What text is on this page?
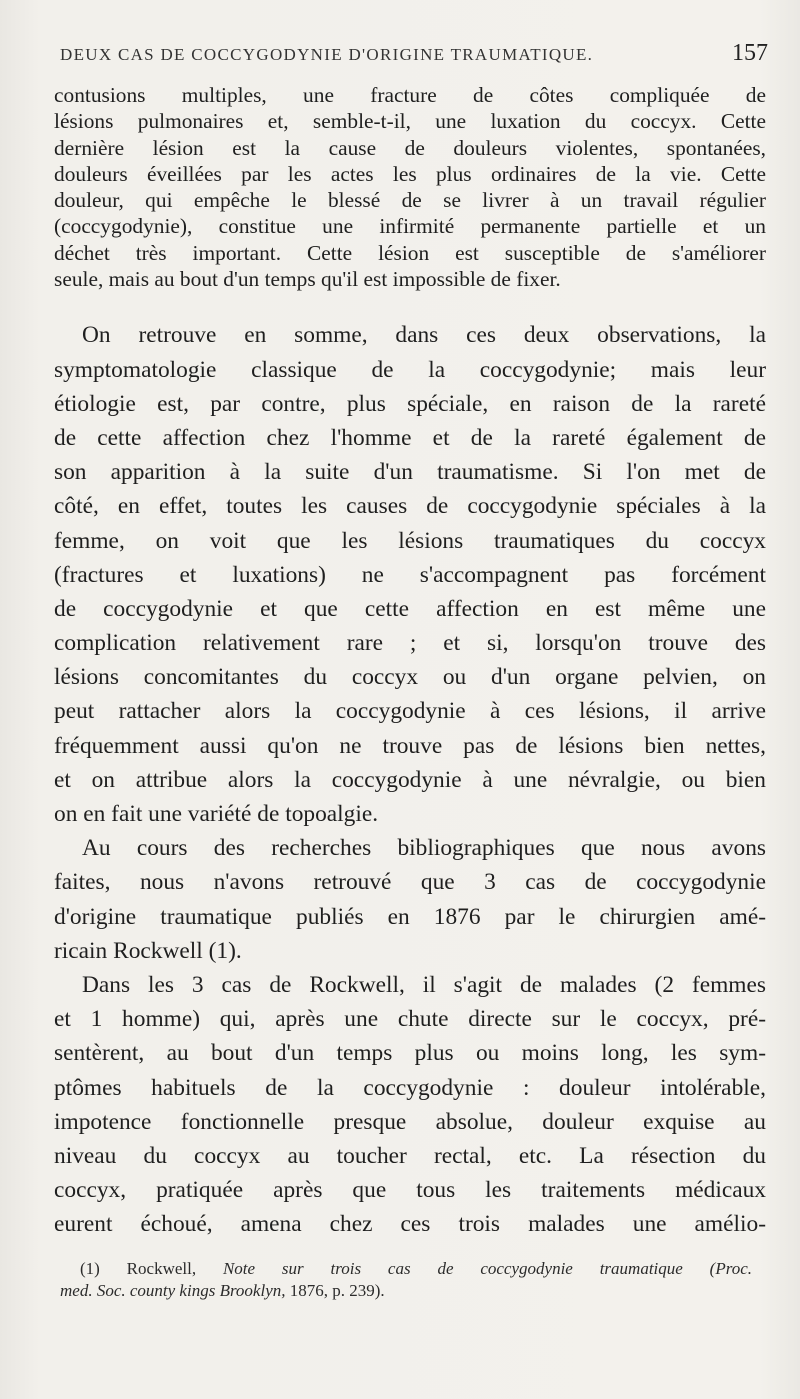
DEUX CAS DE COCCYGODYNIE D'ORIGINE TRAUMATIQUE.	157
contusions multiples, une fracture de côtes compliquée de
lésions pulmonaires et, semble-t-il, une luxation du coccyx. Cette
dernière lésion est la cause de douleurs violentes, spontanées,
douleurs éveillées par les actes les plus ordinaires de la vie. Cette
douleur, qui empêche le blessé de se livrer à un travail régulier
(coccygodynie), constitue une infirmité permanente partielle et un
déchet très important. Cette lésion est susceptible de s'améliorer
seule, mais au bout d'un temps qu'il est impossible de fixer.
On retrouve en somme, dans ces deux observations, la
symptomatologie classique de la coccygodynie; mais leur
étiologie est, par contre, plus spéciale, en raison de la rareté
de cette affection chez l'homme et de la rareté également de
son apparition à la suite d'un traumatisme. Si l'on met de
côté, en effet, toutes les causes de coccygodynie spéciales à la
femme, on voit que les lésions traumatiques du coccyx
(fractures et luxations) ne s'accompagnent pas forcément
de coccygodynie et que cette affection en est même une
complication relativement rare ; et si, lorsqu'on trouve des
lésions concomitantes du coccyx ou d'un organe pelvien, on
peut rattacher alors la coccygodynie à ces lésions, il arrive
fréquemment aussi qu'on ne trouve pas de lésions bien nettes,
et on attribue alors la coccygodynie à une névralgie, ou bien
on en fait une variété de topoalgie.
Au cours des recherches bibliographiques que nous avons
faites, nous n'avons retrouvé que 3 cas de coccygodynie
d'origine traumatique publiés en 1876 par le chirurgien amé-
ricain Rockwell (1).
Dans les 3 cas de Rockwell, il s'agit de malades (2 femmes
et 1 homme) qui, après une chute directe sur le coccyx, pré-
sentèrent, au bout d'un temps plus ou moins long, les sym-
ptômes habituels de la coccygodynie : douleur intolérable,
impotence fonctionnelle presque absolue, douleur exquise au
niveau du coccyx au toucher rectal, etc. La résection du
coccyx, pratiquée après que tous les traitements médicaux
eurent échoué, amena chez ces trois malades une amélio-
(1) Rockwell, Note sur trois cas de coccygodynie traumatique (Proc.
med. Soc. county kings Brooklyn, 1876, p. 239).
